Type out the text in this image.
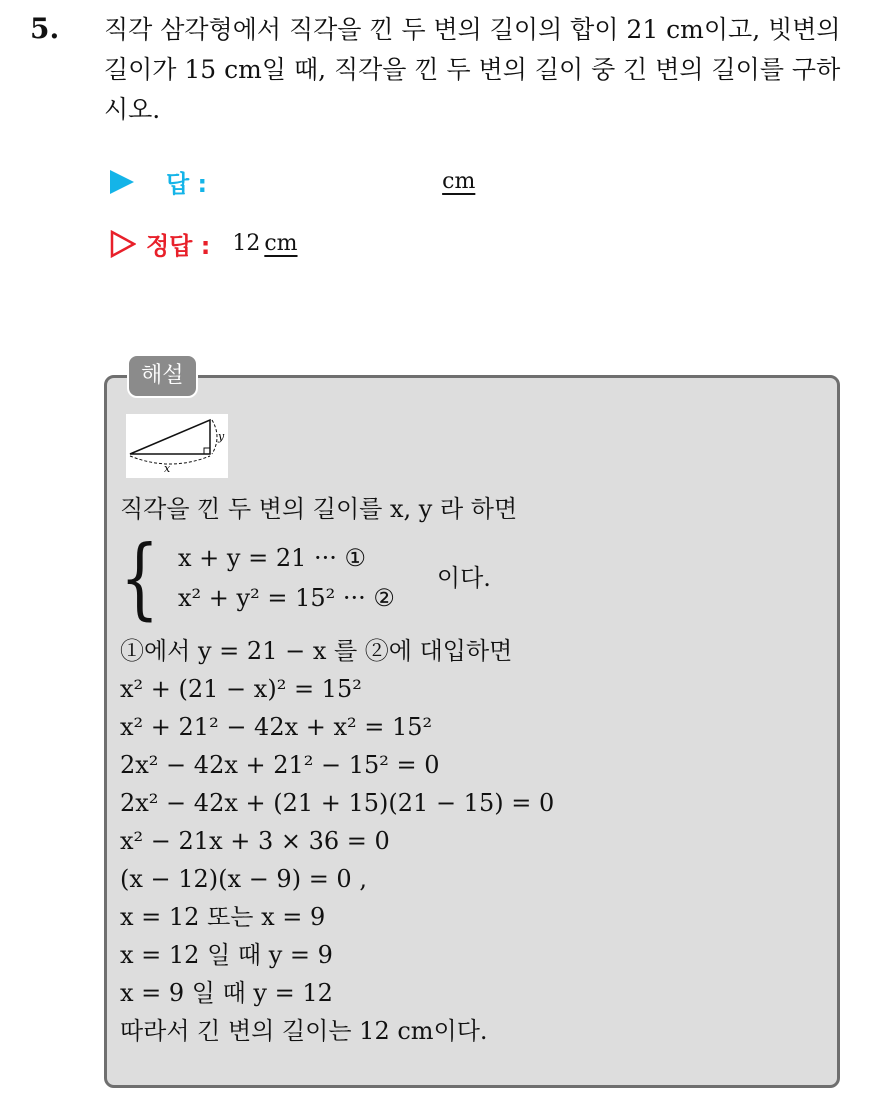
5. 직각 삼각형에서 직각을 낀 두 변의 길이의 합이 21 cm이고, 빗변의 길이가 15 cm일 때, 직각을 낀 두 변의 길이 중 긴 변의 길이를 구하시오.
답 :	cm
정답 : 12 cm
해설
x
y
직각을 낀 두 변의 길이를 x, y 라 하면
{ x + y = 21 ··· ①
x² + y² = 15² ··· ②
이다.
①에서 y = 21 − x 를 ②에 대입하면
x² + (21 − x)² = 15²
x² + 21² − 42x + x² = 15²
2x² − 42x + 21² − 15² = 0
2x² − 42x + (21 + 15)(21 − 15) = 0
x² − 21x + 3 × 36 = 0
(x − 12)(x − 9) = 0 ,
x = 12 또는 x = 9
x = 12 일 때 y = 9
x = 9 일 때 y = 12
따라서 긴 변의 길이는 12 cm이다.
